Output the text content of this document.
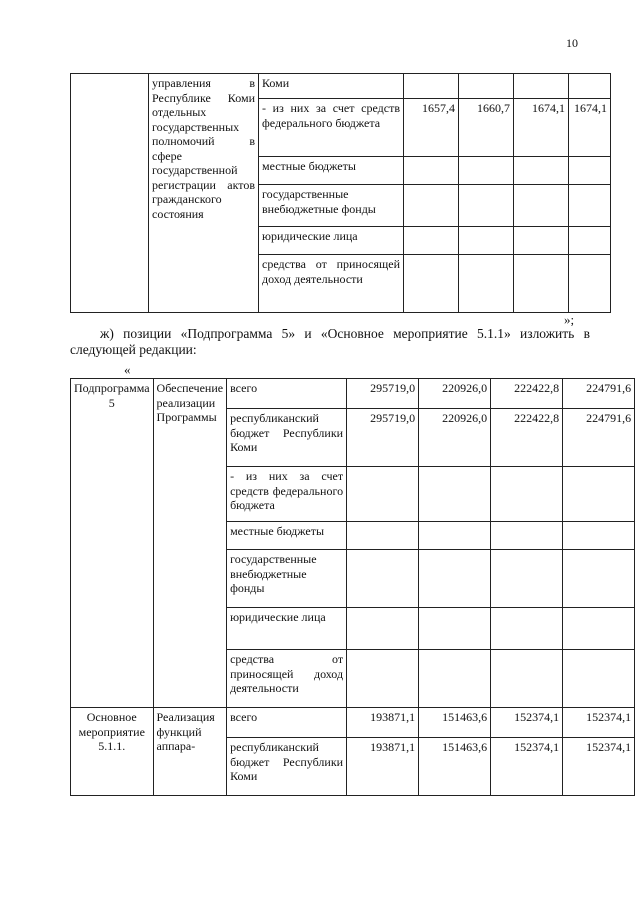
10
	управления в Республике Коми отдельных государственных полномочий в сфере государственной регистрации актов гражданского состояния	Коми				
		- из них за счет средств федерального бюджета	1657,4	1660,7	1674,1	1674,1
		местные бюджеты				
		государственные внебюджетные фонды				
		юридические лица				
		средства от приносящей доход деятельности				
»;
ж) позиции «Подпрограмма 5» и «Основное мероприятие 5.1.1» изложить в следующей редакции:
«
Подпрограмма 5	Обеспечение реализации Программы	всего	295719,0	220926,0	222422,8	224791,6
		республиканский бюджет Республики Коми	295719,0	220926,0	222422,8	224791,6
		- из них за счет средств федерального бюджета				
		местные бюджеты				
		государственные внебюджетные фонды				
		юридические лица				
		средства от приносящей доход деятельности				
Основное мероприятие 5.1.1.	Реализация функций аппара-	всего	193871,1	151463,6	152374,1	152374,1
		республиканский бюджет Республики Коми	193871,1	151463,6	152374,1	152374,1
